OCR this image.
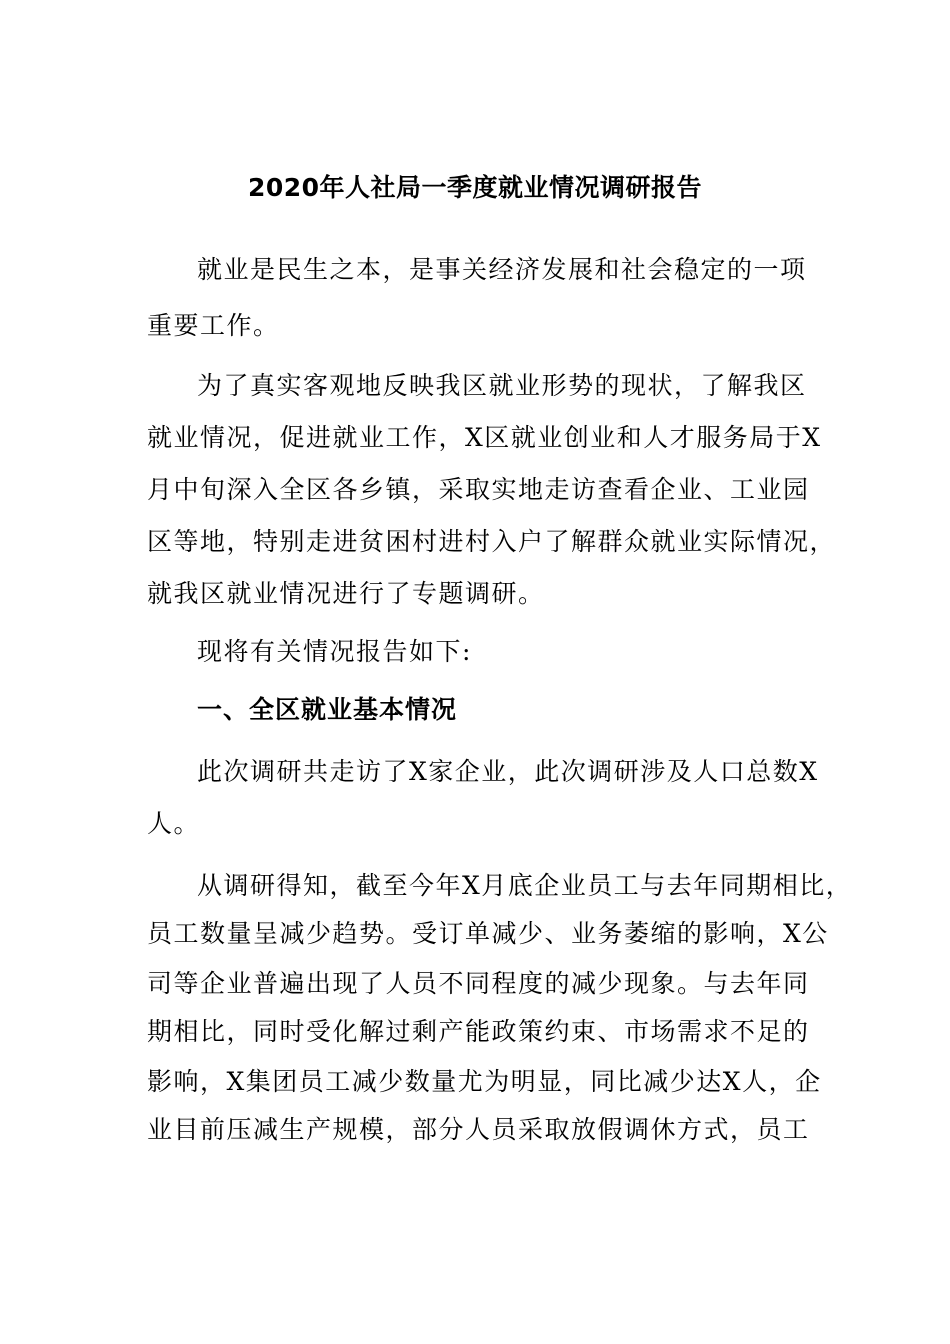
2020年人社局一季度就业情况调研报告
就业是民生之本，是事关经济发展和社会稳定的一项
重要工作。
为了真实客观地反映我区就业形势的现状，了解我区
就业情况，促进就业工作，X区就业创业和人才服务局于X
月中旬深入全区各乡镇，采取实地走访查看企业、工业园
区等地，特别走进贫困村进村入户了解群众就业实际情况，
就我区就业情况进行了专题调研。
现将有关情况报告如下:
一、全区就业基本情况
此次调研共走访了X家企业，此次调研涉及人口总数X
人。
从调研得知，截至今年X月底企业员工与去年同期相比，
员工数量呈减少趋势。受订单减少、业务萎缩的影响，X公
司等企业普遍出现了人员不同程度的减少现象。与去年同
期相比，同时受化解过剩产能政策约束、市场需求不足的
影响，X集团员工减少数量尤为明显，同比减少达X人，企
业目前压减生产规模，部分人员采取放假调休方式，员工
